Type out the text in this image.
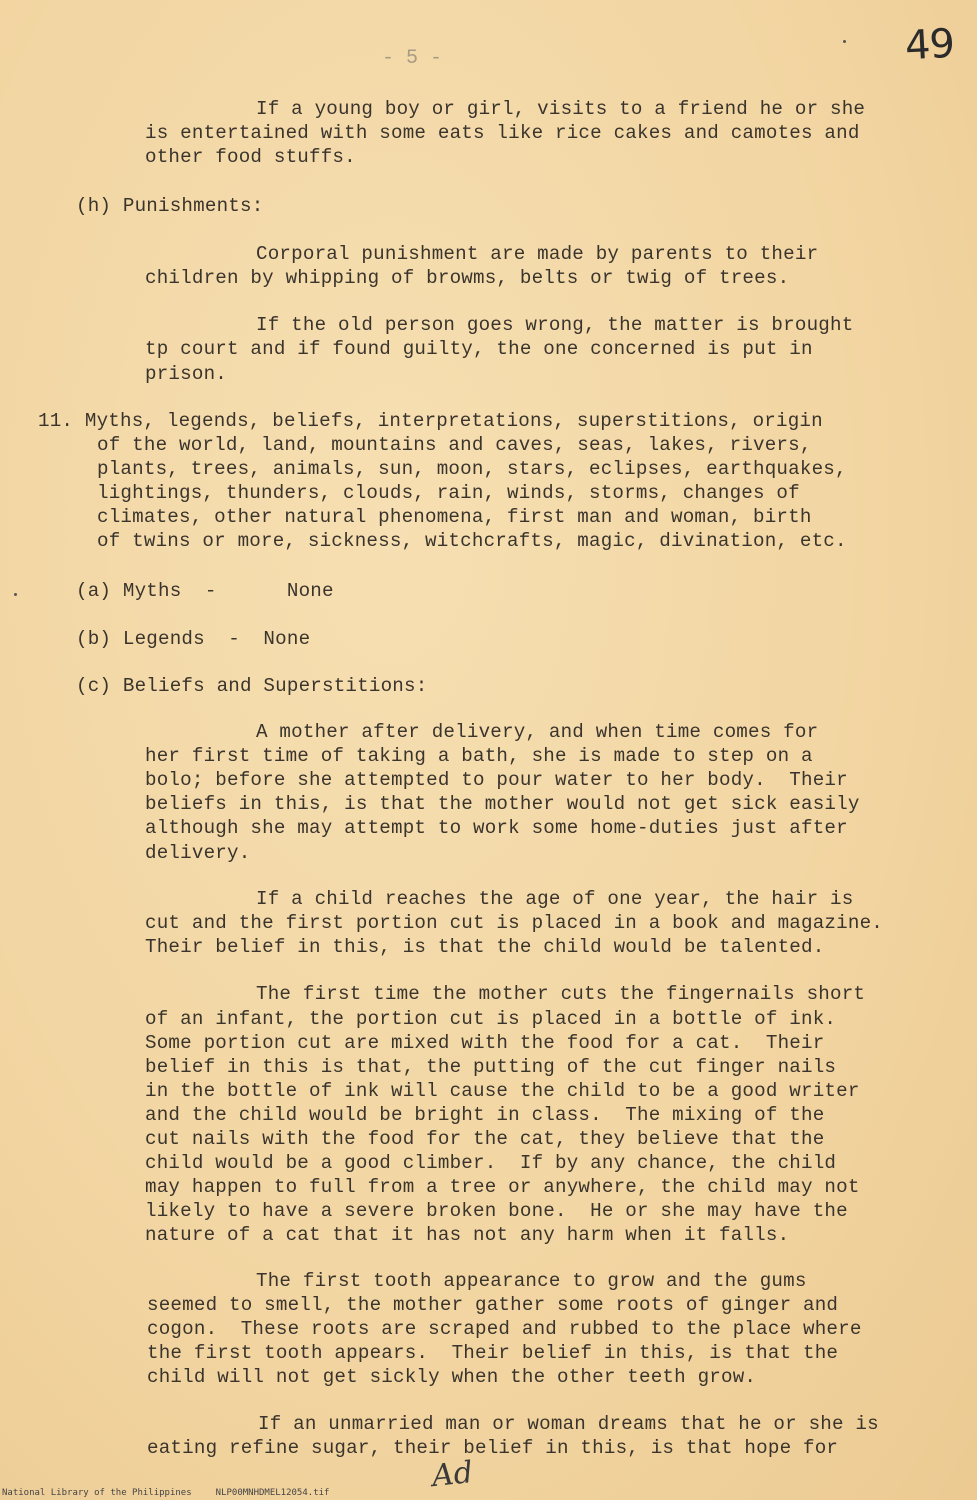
49
- 5 -
If a young boy or girl, visits to a friend he or she
is entertained with some eats like rice cakes and camotes and
other food stuffs.
(h) Punishments:
Corporal punishment are made by parents to their
children by whipping of browms, belts or twig of trees.
If the old person goes wrong, the matter is brought
tp court and if found guilty, the one concerned is put in
prison.
11. Myths, legends, beliefs, interpretations, superstitions, origin
of the world, land, mountains and caves, seas, lakes, rivers,
plants, trees, animals, sun, moon, stars, eclipses, earthquakes,
lightings, thunders, clouds, rain, winds, storms, changes of
climates, other natural phenomena, first man and woman, birth
of twins or more, sickness, witchcrafts, magic, divination, etc.
(a) Myths  -      None
(b) Legends  -  None
(c) Beliefs and Superstitions:
A mother after delivery, and when time comes for
her first time of taking a bath, she is made to step on a
bolo; before she attempted to pour water to her body.  Their
beliefs in this, is that the mother would not get sick easily
although she may attempt to work some home-duties just after
delivery.
If a child reaches the age of one year, the hair is
cut and the first portion cut is placed in a book and magazine.
Their belief in this, is that the child would be talented.
The first time the mother cuts the fingernails short
of an infant, the portion cut is placed in a bottle of ink.
Some portion cut are mixed with the food for a cat.  Their
belief in this is that, the putting of the cut finger nails
in the bottle of ink will cause the child to be a good writer
and the child would be bright in class.  The mixing of the
cut nails with the food for the cat, they believe that the
child would be a good climber.  If by any chance, the child
may happen to full from a tree or anywhere, the child may not
likely to have a severe broken bone.  He or she may have the
nature of a cat that it has not any harm when it falls.
The first tooth appearance to grow and the gums
seemed to smell, the mother gather some roots of ginger and
cogon.  These roots are scraped and rubbed to the place where
the first tooth appears.  Their belief in this, is that the
child will not get sickly when the other teeth grow.
If an unmarried man or woman dreams that he or she is
eating refine sugar, their belief in this, is that hope for
Ad
National Library of the Philippines	NLP00MNHDMEL12054.tif
